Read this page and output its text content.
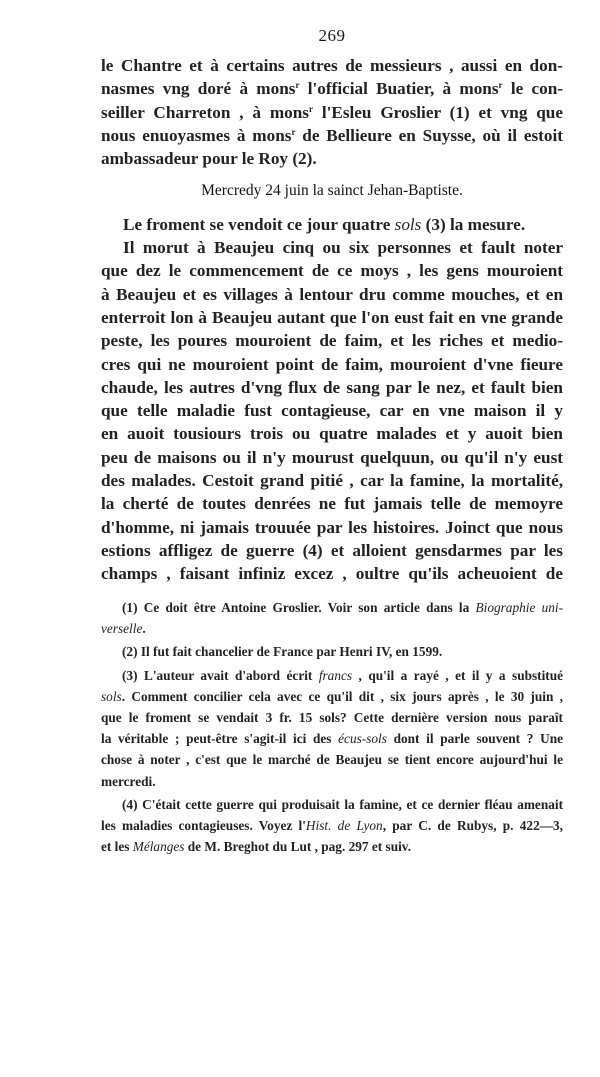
269
le Chantre et à certains autres de messieurs , aussi en don-
nasmes vng doré à mons$^r$ l'official Buatier, à mons$^r$ le con-
seiller Charreton , à mons$^r$ l'Esleu Groslier (1) et vng que
nous enuoyasmes à mons$^r$ de Bellieure en Suysse, où il estoit
ambassadeur pour le Roy (2).
Mercredy 24 juin la sainct Jehan-Baptiste.
Le froment se vendoit ce jour quatre sols (3) la mesure.
Il morut à Beaujeu cinq ou six personnes et fault noter
que dez le commencement de ce moys , les gens mouroient
à Beaujeu et es villages à lentour dru comme mouches, et en
enterroit lon à Beaujeu autant que l'on eust fait en vne grande
peste, les poures mouroient de faim, et les riches et medio-
cres qui ne mouroient point de faim, mouroient d'vne fieure
chaude, les autres d'vng flux de sang par le nez, et fault bien
que telle maladie fust contagieuse, car en vne maison il y
en auoit tousiours trois ou quatre malades et y auoit bien
peu de maisons ou il n'y mourust quelquun, ou qu'il n'y eust
des malades. Cestoit grand pitié , car la famine, la mortalité,
la cherté de toutes denrées ne fut jamais telle de memoyre
d'homme, ni jamais trouuée par les histoires. Joinct que nous
estions affligez de guerre (4) et alloient gensdarmes par les
champs , faisant infiniz excez , oultre qu'ils acheuoient de
(1) Ce doit être Antoine Groslier. Voir son article dans la Biographie uni-
verselle.
(2) Il fut fait chancelier de France par Henri IV, en 1599.
(3) L'auteur avait d'abord écrit francs , qu'il a rayé , et il y a substitué
sols. Comment concilier cela avec ce qu'il dit , six jours après , le 30 juin ,
que le froment se vendait 3 fr. 15 sols? Cette dernière version nous paraît
la véritable ; peut-être s'agit-il ici des écus-sols dont il parle souvent ? Une
chose à noter , c'est que le marché de Beaujeu se tient encore aujourd'hui le
mercredi.
(4) C'était cette guerre qui produisait la famine, et ce dernier fléau amenait
les maladies contagieuses. Voyez l'Hist. de Lyon, par C. de Rubys, p. 422—3,
et les Mélanges de M. Breghot du Lut , pag. 297 et suiv.
